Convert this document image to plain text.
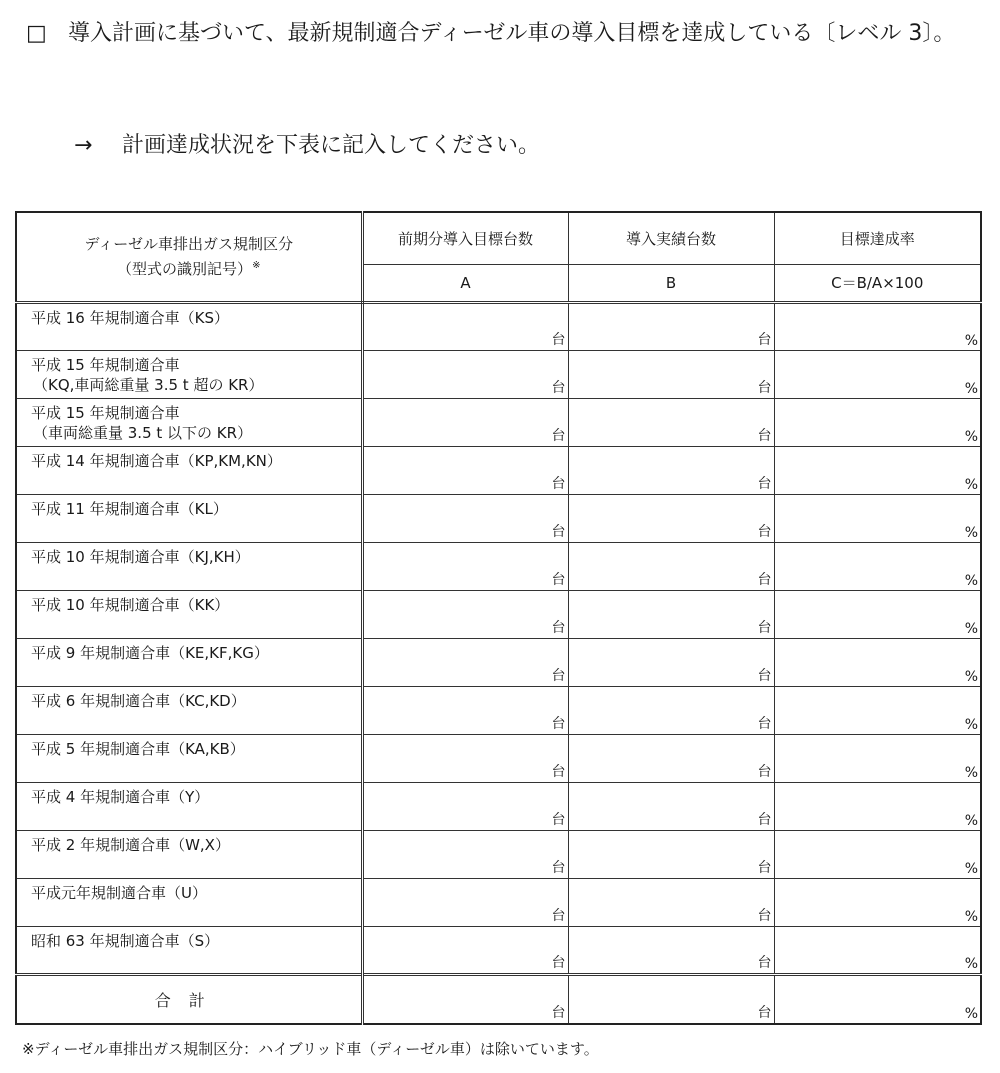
□ 導入計画に基づいて、最新規制適合ディーゼル車の導入目標を達成している〔レベル 3〕。
→ 計画達成状況を下表に記入してください。
ディーゼル車排出ガス規制区分
（型式の識別記号）※	前期分導入目標台数	導入実績台数	目標達成率
	A	B	C＝B/A×100
平成 16 年規制適合車（KS）	台	台	%

平成 15 年規制適合車
（KQ,車両総重量 3.5 t 超の KR）	台	台	%

平成 15 年規制適合車
（車両総重量 3.5 t 以下の KR）	台	台	%

平成 14 年規制適合車（KP,KM,KN）	台	台	%

平成 11 年規制適合車（KL）	台	台	%

平成 10 年規制適合車（KJ,KH）	台	台	%

平成 10 年規制適合車（KK）	台	台	%

平成 9 年規制適合車（KE,KF,KG）	台	台	%

平成 6 年規制適合車（KC,KD）	台	台	%

平成 5 年規制適合車（KA,KB）	台	台	%

平成 4 年規制適合車（Y）	台	台	%

平成 2 年規制適合車（W,X）	台	台	%

平成元年規制適合車（U）	台	台	%

昭和 63 年規制適合車（S）	台	台	%

合計	台	台	%
※ディーゼル車排出ガス規制区分：ハイブリッド車（ディーゼル車）は除いています。
